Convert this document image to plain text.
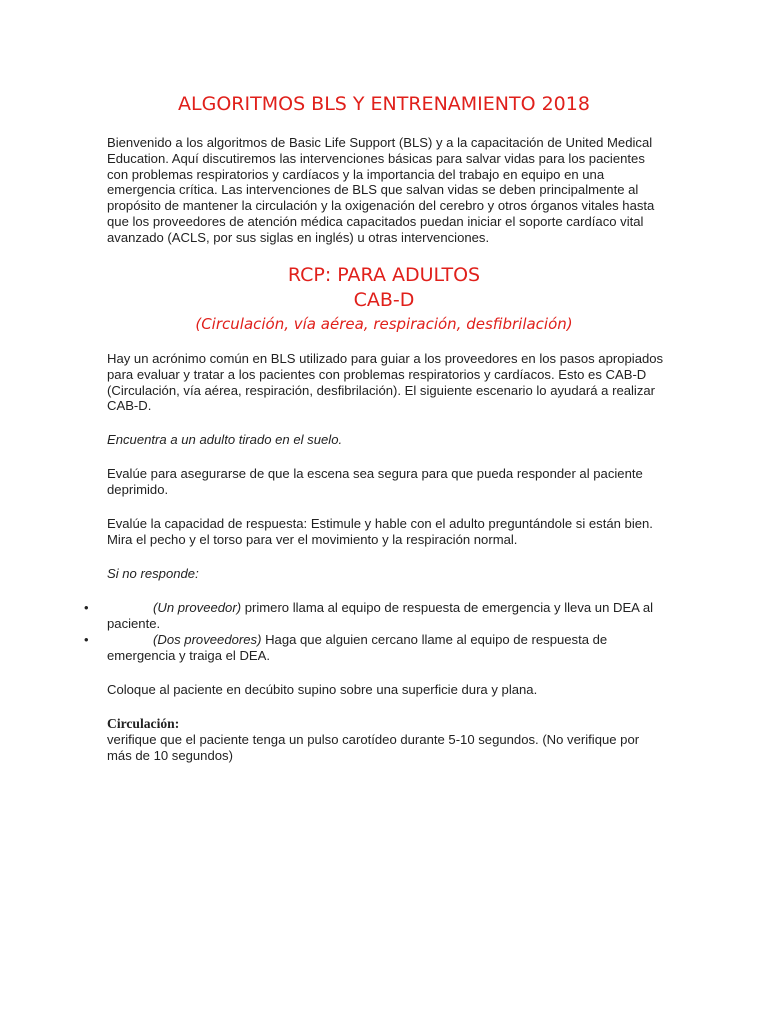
ALGORITMOS BLS Y ENTRENAMIENTO 2018

Bienvenido a los algoritmos de Basic Life Support (BLS) y a la capacitación de United Medical Education. Aquí discutiremos las intervenciones básicas para salvar vidas para los pacientes con problemas respiratorios y cardíacos y la importancia del trabajo en equipo en una emergencia crítica. Las intervenciones de BLS que salvan vidas se deben principalmente al propósito de mantener la circulación y la oxigenación del cerebro y otros órganos vitales hasta que los proveedores de atención médica capacitados puedan iniciar el soporte cardíaco vital avanzado (ACLS, por sus siglas en inglés) u otras intervenciones.

RCP: PARA ADULTOS
CAB-D
(Circulación, vía aérea, respiración, desfibrilación)

Hay un acrónimo común en BLS utilizado para guiar a los proveedores en los pasos apropiados para evaluar y tratar a los pacientes con problemas respiratorios y cardíacos. Esto es CAB-D (Circulación, vía aérea, respiración, desfibrilación). El siguiente escenario lo ayudará a realizar CAB-D.

Encuentra a un adulto tirado en el suelo.

Evalúe para asegurarse de que la escena sea segura para que pueda responder al paciente deprimido.

Evalúe la capacidad de respuesta: Estimule y hable con el adulto preguntándole si están bien. Mira el pecho y el torso para ver el movimiento y la respiración normal.

Si no responde:

•	(Un proveedor) primero llama al equipo de respuesta de emergencia y lleva un DEA al
paciente.
•	(Dos proveedores) Haga que alguien cercano llame al equipo de respuesta de
emergencia y traiga el DEA.

Coloque al paciente en decúbito supino sobre una superficie dura y plana.

Circulación:
verifique que el paciente tenga un pulso carotídeo durante 5-10 segundos. (No verifique por más de 10 segundos)
